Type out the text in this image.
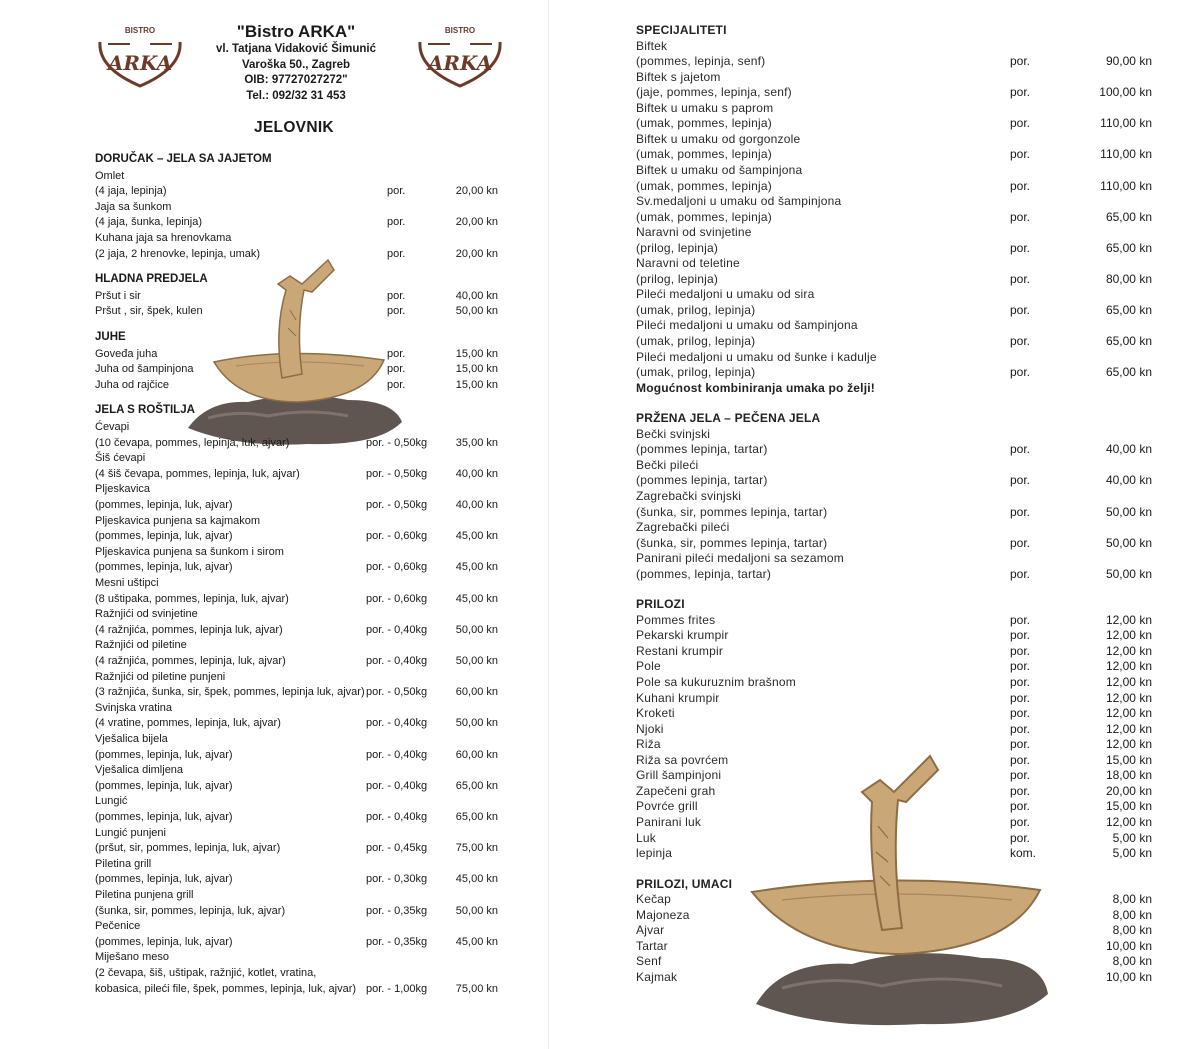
BISTRO
ARKA
"Bistro ARKA"
vl. Tatjana Vidaković Šimunić
Varoška 50., Zagreb
OIB: 97727027272"
Tel.: 092/32 31 453
BISTRO
ARKA
JELOVNIK
DORUČAK – JELA SA JAJETOM
Omlet
(4 jaja, lepinja)	por.	20,00 kn
Jaja sa šunkom
(4 jaja, šunka, lepinja)	por.	20,00 kn
Kuhana jaja sa hrenovkama
(2 jaja, 2 hrenovke, lepinja, umak)	por.	20,00 kn
HLADNA PREDJELA
Pršut i sir	por.	40,00 kn
Pršut , sir, špek, kulen	por.	50,00 kn
JUHE
Goveđa juha	por.	15,00 kn
Juha od šampinjona	por.	15,00 kn
Juha od rajčice	por.	15,00 kn
JELA S ROŠTILJA
Ćevapi
(10 čevapa, pommes, lepinja, luk, ajvar)	por. - 0,50kg	35,00 kn
Šiš ćevapi
(4 šiš čevapa, pommes, lepinja, luk, ajvar)	por. - 0,50kg	40,00 kn
Pljeskavica
(pommes, lepinja, luk, ajvar)	por. - 0,50kg	40,00 kn
Pljeskavica punjena sa kajmakom
(pommes, lepinja, luk, ajvar)	por. - 0,60kg	45,00 kn
Pljeskavica punjena sa šunkom i sirom
(pommes, lepinja, luk, ajvar)	por. - 0,60kg	45,00 kn
Mesni uštipci
(8 uštipaka, pommes, lepinja, luk, ajvar)	por. - 0,60kg	45,00 kn
Ražnjići od svinjetine
(4 ražnjića, pommes, lepinja luk, ajvar)	por. - 0,40kg	50,00 kn
Ražnjići od piletine
(4 ražnjića, pommes, lepinja, luk, ajvar)	por. - 0,40kg	50,00 kn
Ražnjići od piletine punjeni
(3 ražnjića, šunka, sir, špek, pommes, lepinja luk, ajvar) por. - 0,50kg	60,00 kn
Svinjska vratina
(4 vratine, pommes, lepinja, luk, ajvar)	por. - 0,40kg	50,00 kn
Vješalica bijela
(pommes, lepinja, luk, ajvar)	por. - 0,40kg	60,00 kn
Vješalica dimljena
(pommes, lepinja, luk, ajvar)	por. - 0,40kg	65,00 kn
Lungić
(pommes, lepinja, luk, ajvar)	por. - 0,40kg	65,00 kn
Lungić punjeni
(pršut, sir, pommes, lepinja, luk, ajvar)	por. - 0,45kg	75,00 kn
Piletina grill
(pommes, lepinja, luk, ajvar)	por. - 0,30kg	45,00 kn
Piletina punjena grill
(šunka, sir, pommes, lepinja, luk, ajvar)	por. - 0,35kg	50,00 kn
Pečenice
(pommes, lepinja, luk, ajvar)	por. - 0,35kg	45,00 kn
Miješano meso
(2 čevapa, šiš, uštipak, ražnjić, kotlet, vratina,
kobasica, pileći file, špek, pommes, lepinja, luk, ajvar) por. - 1,00kg	75,00 kn
SPECIJALITETI
Biftek
(pommes, lepinja, senf)	por.	90,00 kn
Biftek s jajetom
(jaje, pommes, lepinja, senf)	por.	100,00 kn
Biftek u umaku s paprom
(umak, pommes, lepinja)	por.	110,00 kn
Biftek u umaku od gorgonzole
(umak, pommes, lepinja)	por.	110,00 kn
Biftek u umaku od šampinjona
(umak, pommes, lepinja)	por.	110,00 kn
Sv.medaljoni u umaku od šampinjona
(umak, pommes, lepinja)	por.	65,00 kn
Naravni od svinjetine
(prilog, lepinja)	por.	65,00 kn
Naravni od teletine
(prilog, lepinja)	por.	80,00 kn
Pileći medaljoni u umaku od sira
(umak, prilog, lepinja)	por.	65,00 kn
Pileći medaljoni u umaku od šampinjona
(umak, prilog, lepinja)	por.	65,00 kn
Pileći medaljoni u umaku od šunke i kadulje
(umak, prilog, lepinja)	por.	65,00 kn
Mogućnost kombiniranja umaka po želji!
PRŽENA JELA – PEČENA JELA
Bečki svinjski
(pommes lepinja, tartar)	por.	40,00 kn
Bečki pileći
(pommes lepinja, tartar)	por.	40,00 kn
Zagrebački svinjski
(šunka, sir, pommes lepinja, tartar)	por.	50,00 kn
Zagrebački pileći
(šunka, sir, pommes lepinja, tartar)	por.	50,00 kn
Panirani pileći medaljoni sa sezamom
(pommes, lepinja, tartar)	por.	50,00 kn
PRILOZI
Pommes frites	por.	12,00 kn
Pekarski krumpir	por.	12,00 kn
Restani krumpir	por.	12,00 kn
Pole	por.	12,00 kn
Pole sa kukuruznim brašnom	por.	12,00 kn
Kuhani krumpir	por.	12,00 kn
Kroketi	por.	12,00 kn
Njoki	por.	12,00 kn
Riža	por.	12,00 kn
Riža sa povrćem	por.	15,00 kn
Grill šampinjoni	por.	18,00 kn
Zapečeni grah	por.	20,00 kn
Povrće grill	por.	15,00 kn
Panirani luk	por.	12,00 kn
Luk	por.	5,00 kn
lepinja	kom.	5,00 kn
PRILOZI, UMACI
Kečap	8,00 kn
Majoneza	8,00 kn
Ajvar	8,00 kn
Tartar	10,00 kn
Senf	8,00 kn
Kajmak	10,00 kn
